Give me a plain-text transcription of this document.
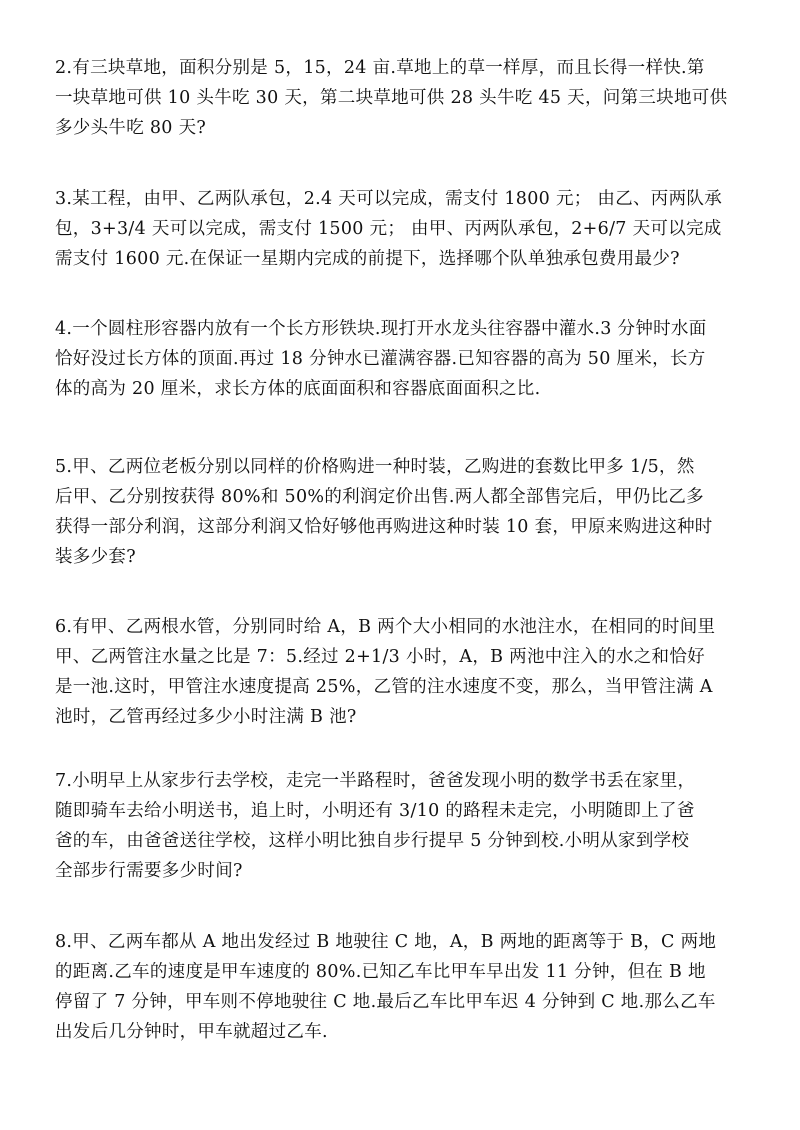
2.有三块草地，面积分别是 5，15，24 亩.草地上的草一样厚，而且长得一样快.第
一块草地可供 10 头牛吃 30 天，第二块草地可供 28 头牛吃 45 天，问第三块地可供
多少头牛吃 80 天?

3.某工程，由甲、乙两队承包，2.4 天可以完成，需支付 1800 元； 由乙、丙两队承
包，3+3/4 天可以完成，需支付 1500 元； 由甲、丙两队承包，2+6/7 天可以完成
需支付 1600 元.在保证一星期内完成的前提下，选择哪个队单独承包费用最少?

4.一个圆柱形容器内放有一个长方形铁块.现打开水龙头往容器中灌水.3 分钟时水面
恰好没过长方体的顶面.再过 18 分钟水已灌满容器.已知容器的高为 50 厘米，长方
体的高为 20 厘米，求长方体的底面面积和容器底面面积之比.

5.甲、乙两位老板分别以同样的价格购进一种时装，乙购进的套数比甲多 1/5，然
后甲、乙分别按获得 80%和 50%的利润定价出售.两人都全部售完后，甲仍比乙多
获得一部分利润，这部分利润又恰好够他再购进这种时装 10 套，甲原来购进这种时
装多少套?

6.有甲、乙两根水管，分别同时给 A，B 两个大小相同的水池注水，在相同的时间里
甲、乙两管注水量之比是 7：5.经过 2+1/3 小时，A，B 两池中注入的水之和恰好
是一池.这时，甲管注水速度提高 25%，乙管的注水速度不变，那么，当甲管注满 A
池时，乙管再经过多少小时注满 B 池?

7.小明早上从家步行去学校，走完一半路程时，爸爸发现小明的数学书丢在家里，
随即骑车去给小明送书，追上时，小明还有 3/10 的路程未走完，小明随即上了爸
爸的车，由爸爸送往学校，这样小明比独自步行提早 5 分钟到校.小明从家到学校
全部步行需要多少时间?

8.甲、乙两车都从 A 地出发经过 B 地驶往 C 地，A，B 两地的距离等于 B，C 两地
的距离.乙车的速度是甲车速度的 80%.已知乙车比甲车早出发 11 分钟，但在 B 地
停留了 7 分钟，甲车则不停地驶往 C 地.最后乙车比甲车迟 4 分钟到 C 地.那么乙车
出发后几分钟时，甲车就超过乙车.
